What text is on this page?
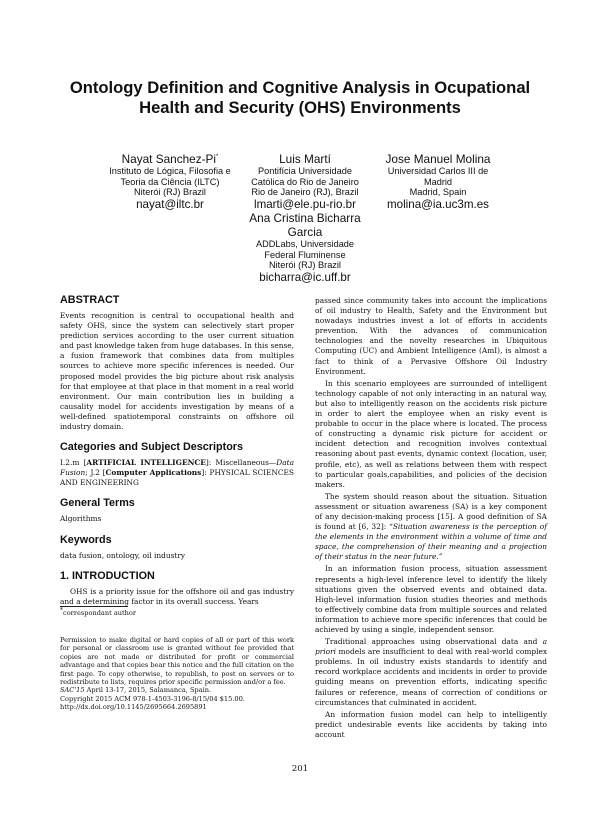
Ontology Definition and Cognitive Analysis in Ocupational
Health and Security (OHS) Environments
Nayat Sanchez-Pi*
Instituto de Lógica, Filosofia e
Teoria da Ciência (ILTC)
Niterói (RJ) Brazil
nayat@iltc.br
Luis Martí
Pontifícia Universidade
Católica do Rio de Janeiro
Rio de Janeiro (RJ), Brazil
lmarti@ele.pu-rio.br
Jose Manuel Molina
Universidad Carlos III de
Madrid
Madrid, Spain
molina@ia.uc3m.es
Ana Cristina Bicharra
Garcia
ADDLabs, Universidade
Federal Fluminense
Niterói (RJ) Brazil
bicharra@ic.uff.br
ABSTRACT

Events recognition is central to occupational health and safety OHS, since the system can selectively start proper prediction services according to the user current situation and past knowledge taken from huge databases. In this sense, a fusion framework that combines data from multiples sources to achieve more specific inferences is needed. Our proposed model provides the big picture about risk analysis for that employee at that place in that moment in a real world environment. Our main contribution lies in building a causality model for accidents investigation by means of a well-defined spatiotemporal constraints on offshore oil industry domain.

Categories and Subject Descriptors

I.2.m [ARTIFICIAL INTELLIGENCE]: Miscellaneous—Data Fusion; J.2 [Computer Applications]: PHYSICAL SCIENCES AND ENGINEERING

General Terms

Algorithms

Keywords

data fusion, ontology, oil industry

1. INTRODUCTION

OHS is a priority issue for the offshore oil and gas industry and a determining factor in its overall success. Years

*correspondant author
Permission to make digital or hard copies of all or part of this work for personal or classroom use is granted without fee provided that copies are not made or distributed for profit or commercial advantage and that copies bear this notice and the full citation on the first page. To copy otherwise, to republish, to post on servers or to redistribute to lists, requires prior specific permission and/or a fee.
SAC'15 April 13-17, 2015, Salamanca, Spain.
Copyright 2015 ACM 978-1-4503-3196-8/15/04 $15.00.
http://dx.doi.org/10.1145/2695664.2695891

passed since community takes into account the implications of oil industry to Health, Safety and the Environment but nowadays industries invest a lot of efforts in accidents prevention. With the advances of communication technologies and the novelty researches in Ubiquitous Computing (UC) and Ambient Intelligence (AmI), is almost a fact to think of a Pervasive Offshore Oil Industry Environment.

In this scenario employees are surrounded of intelligent technology capable of not only interacting in an natural way, but also to intelligently reason on the accidents risk picture in order to alert the employee when an risky event is probable to occur in the place where is located. The process of constructing a dynamic risk picture for accident or incident detection and recognition involves contextual reasoning about past events, dynamic context (location, user, profile, etc), as well as relations between them with respect to particular goals,capabilities, and policies of the decision makers.

The system should reason about the situation. Situation assessment or situation awareness (SA) is a key component of any decision-making process [15]. A good definition of SA is found at [6, 32]: “Situation awareness is the perception of the elements in the environment within a volume of time and space, the comprehension of their meaning and a projection of their status in the near future.”

In an information fusion process, situation assessment represents a high-level inference level to identify the likely situations given the observed events and obtained data. High-level information fusion studies theories and methods to effectively combine data from multiple sources and related information to achieve more specific inferences that could be achieved by using a single, independent sensor.

Traditional approaches using observational data and a priori models are insufficient to deal with real-world complex problems. In oil industry exists standards to identify and record workplace accidents and incidents in order to provide guiding means on prevention efforts, indicating specific failures or reference, means of correction of conditions or circumstances that culminated in accident.

An information fusion model can help to intelligently predict undesirable events like accidents by taking into account

201
